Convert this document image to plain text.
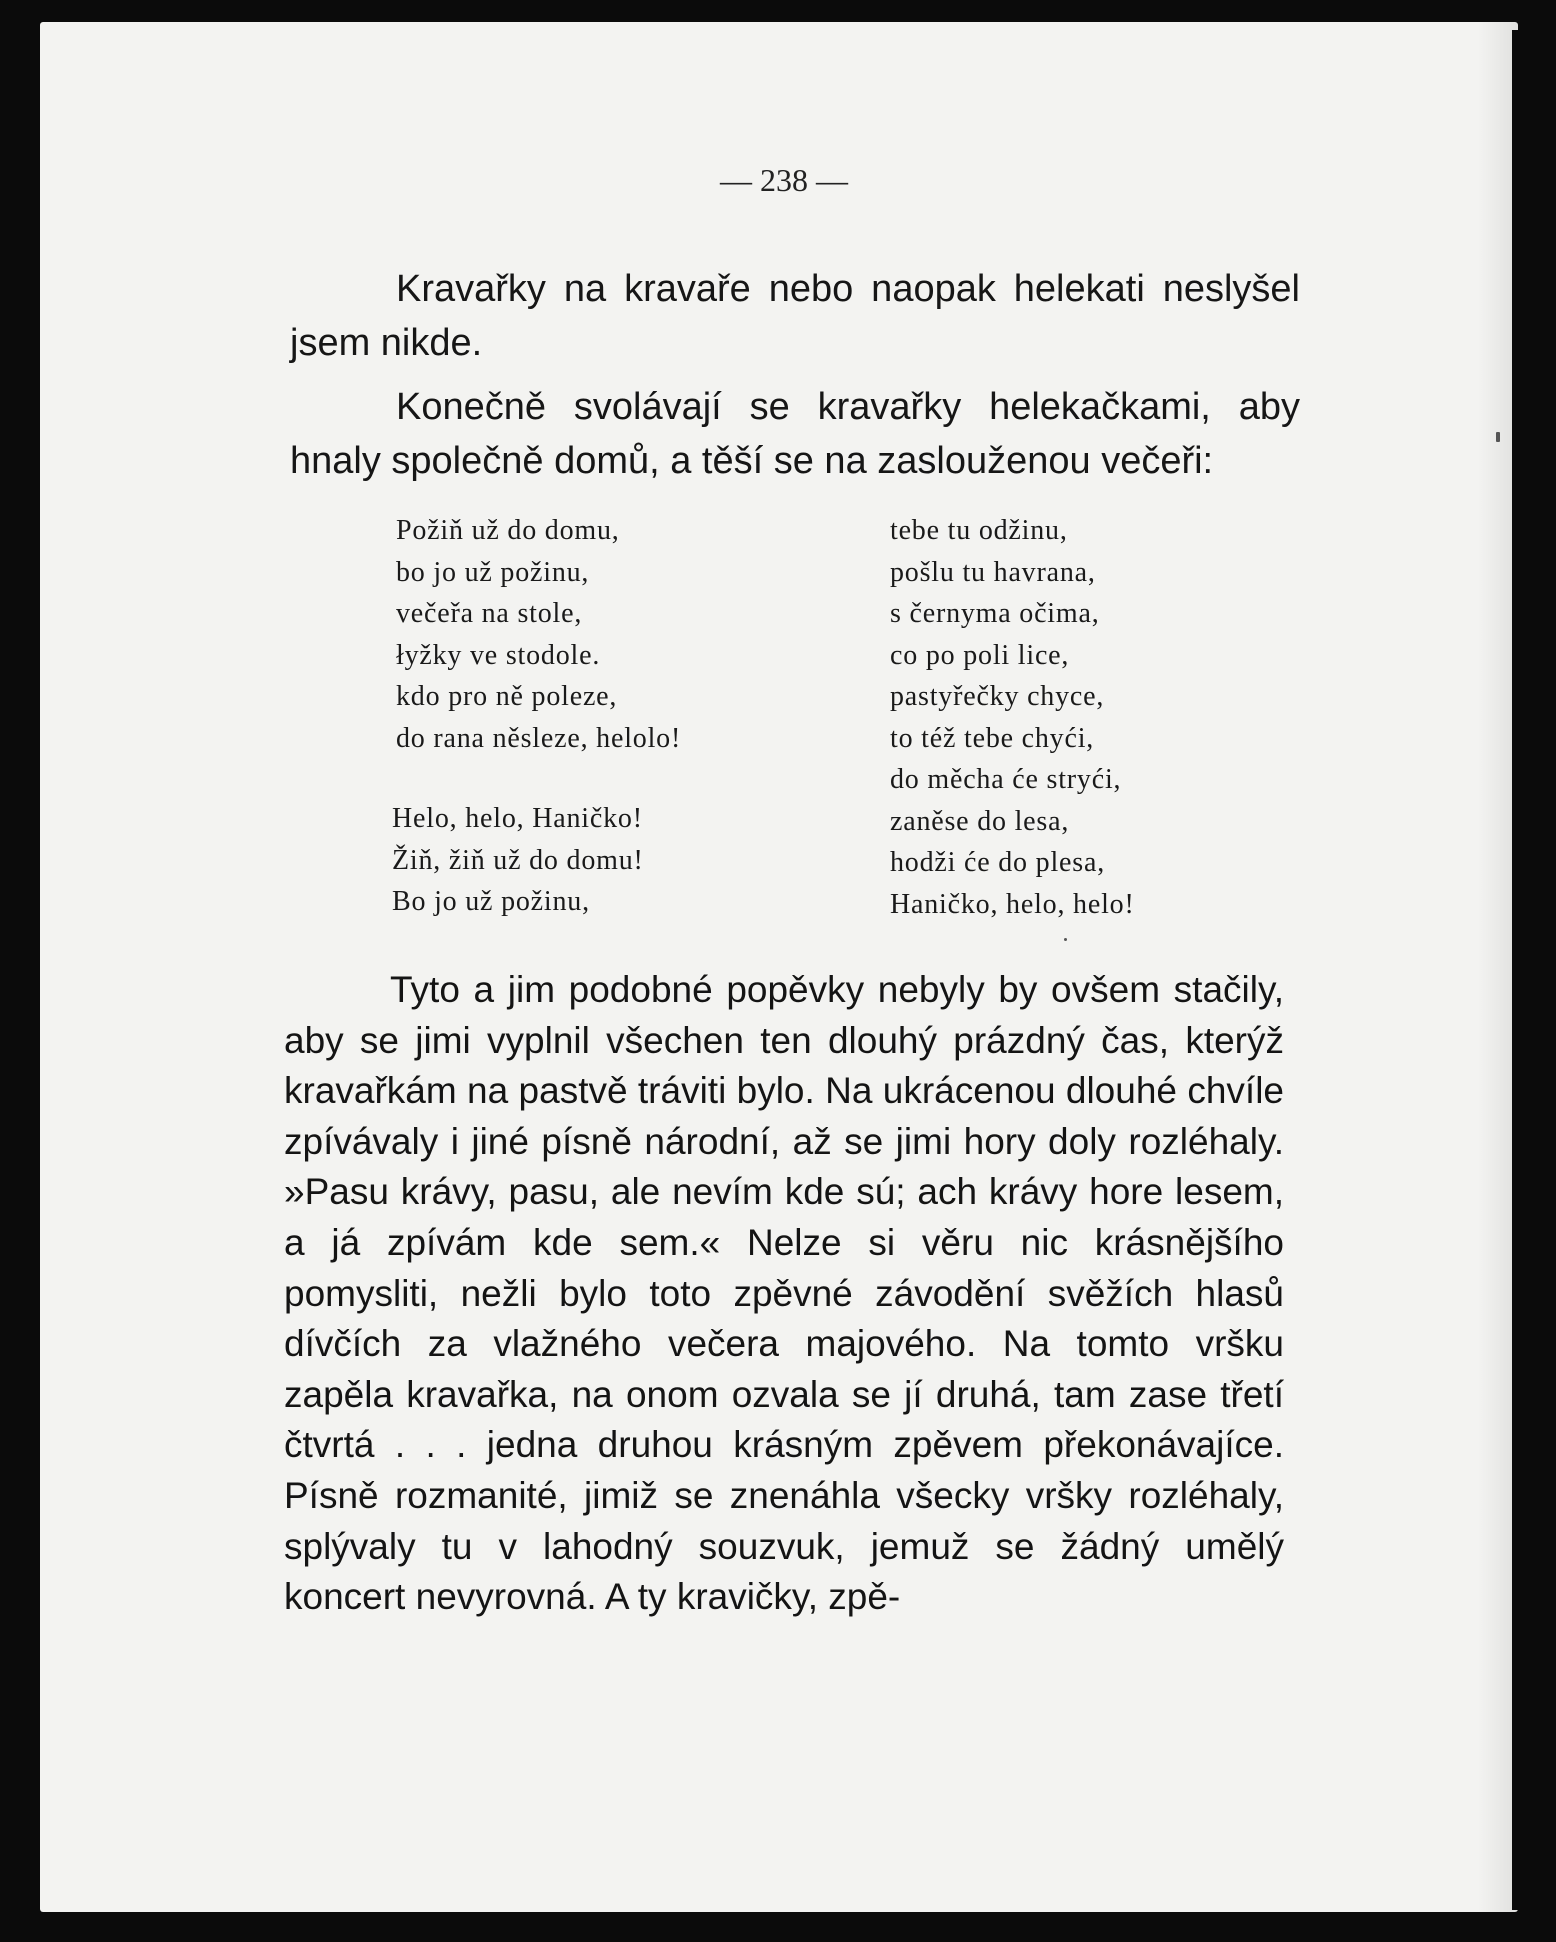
— 238 —

Kravařky na kravaře nebo naopak helekati neslyšel jsem nikde.

Konečně svolávají se kravařky helekačkami, aby hnaly společně domů, a těší se na zaslouženou večeři:

Požiň už do domu,
bo jo už požinu,
večeřa na stole,
łyžky ve stodole.
kdo pro ně poleze,
do rana něsleze, helolo!
Helo, helo, Haničko!
Žiň, žiň už do domu!
Bo jo už požinu,
tebe tu odžinu,
pošlu tu havrana,
s černyma očima,
co po poli lice,
pastyřečky chyce,
to též tebe chyći,
do měcha će stryći,
zaněse do lesa,
hodži će do plesa,
Haničko, helo, helo!

Tyto a jim podobné popěvky nebyly by ovšem stačily, aby se jimi vyplnil všechen ten dlouhý prázdný čas, kterýž kravařkám na pastvě tráviti bylo. Na ukrácenou dlouhé chvíle zpívávaly i jiné písně národní, až se jimi hory doly rozléhaly. »Pasu krávy, pasu, ale nevím kde sú; ach krávy hore lesem, a já zpívám kde sem.« Nelze si věru nic krásnějšího pomysliti, nežli bylo toto zpěvné závodění svěžích hlasů dívčích za vlažného večera majového. Na tomto vršku zapěla kravařka, na onom ozvala se jí druhá, tam zase třetí čtvrtá . . . jedna druhou krásným zpěvem překonávajíce. Písně rozmanité, jimiž se znenáhla všecky vršky rozléhaly, splývaly tu v lahodný souzvuk, jemuž se žádný umělý koncert nevyrovná. A ty kravičky, zpě-
